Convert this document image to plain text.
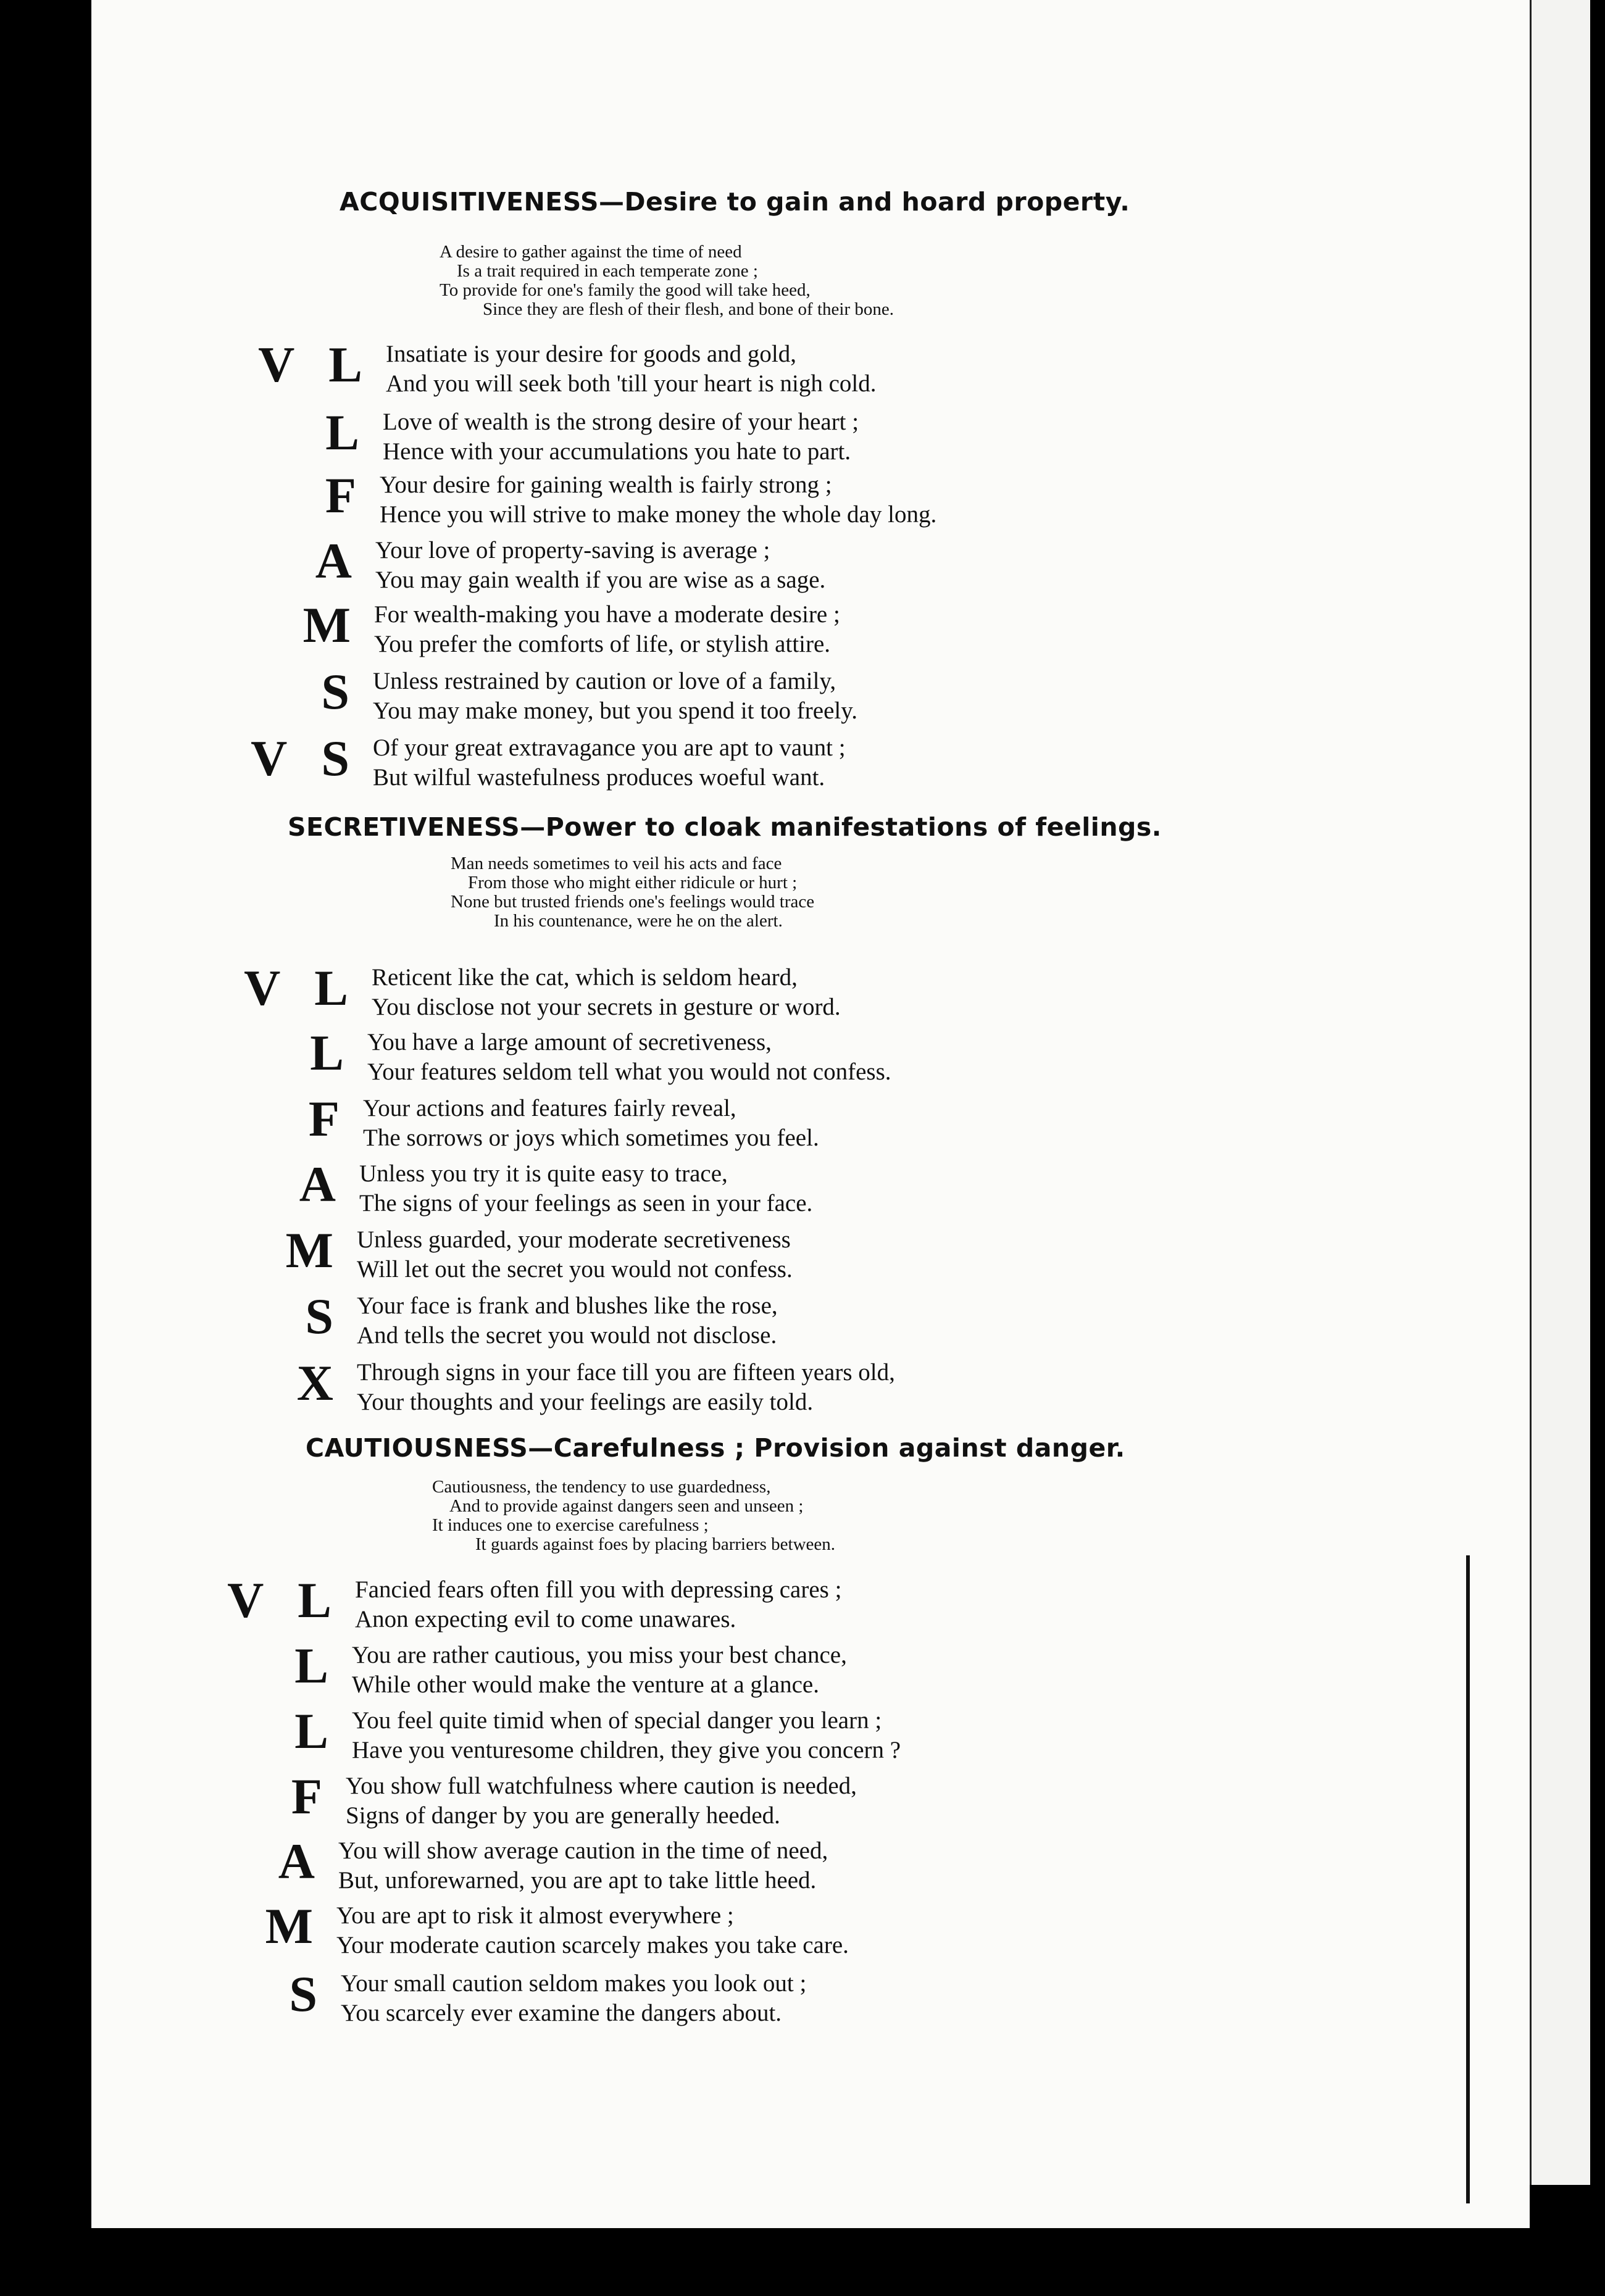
ACQUISITIVENESS—Desire to gain and hoard property.
A desire to gather against the time of need
Is a trait required in each temperate zone ;
To provide for one's family the good will take heed,
Since they are flesh of their flesh, and bone of their bone.
V L Insatiate is your desire for goods and gold,
And you will seek both 'till your heart is nigh cold.
L Love of wealth is the strong desire of your heart ;
Hence with your accumulations you hate to part.
F Your desire for gaining wealth is fairly strong ;
Hence you will strive to make money the whole day long.
A Your love of property-saving is average ;
You may gain wealth if you are wise as a sage.
M For wealth-making you have a moderate desire ;
You prefer the comforts of life, or stylish attire.
S Unless restrained by caution or love of a family,
You may make money, but you spend it too freely.
V S Of your great extravagance you are apt to vaunt ;
But wilful wastefulness produces woeful want.
SECRETIVENESS—Power to cloak manifestations of feelings.
Man needs sometimes to veil his acts and face
From those who might either ridicule or hurt ;
None but trusted friends one's feelings would trace
In his countenance, were he on the alert.
V L Reticent like the cat, which is seldom heard,
You disclose not your secrets in gesture or word.
L You have a large amount of secretiveness,
Your features seldom tell what you would not confess.
F Your actions and features fairly reveal,
The sorrows or joys which sometimes you feel.
A Unless you try it is quite easy to trace,
The signs of your feelings as seen in your face.
M Unless guarded, your moderate secretiveness
Will let out the secret you would not confess.
S Your face is frank and blushes like the rose,
And tells the secret you would not disclose.
X Through signs in your face till you are fifteen years old,
Your thoughts and your feelings are easily told.
CAUTIOUSNESS—Carefulness ; Provision against danger.
Cautiousness, the tendency to use guardedness,
And to provide against dangers seen and unseen ;
It induces one to exercise carefulness ;
It guards against foes by placing barriers between.
V L Fancied fears often fill you with depressing cares ;
Anon expecting evil to come unawares.
L You are rather cautious, you miss your best chance,
While other would make the venture at a glance.
L You feel quite timid when of special danger you learn ;
Have you venturesome children, they give you concern ?
F You show full watchfulness where caution is needed,
Signs of danger by you are generally heeded.
A You will show average caution in the time of need,
But, unforewarned, you are apt to take little heed.
M You are apt to risk it almost everywhere ;
Your moderate caution scarcely makes you take care.
S Your small caution seldom makes you look out ;
You scarcely ever examine the dangers about.
